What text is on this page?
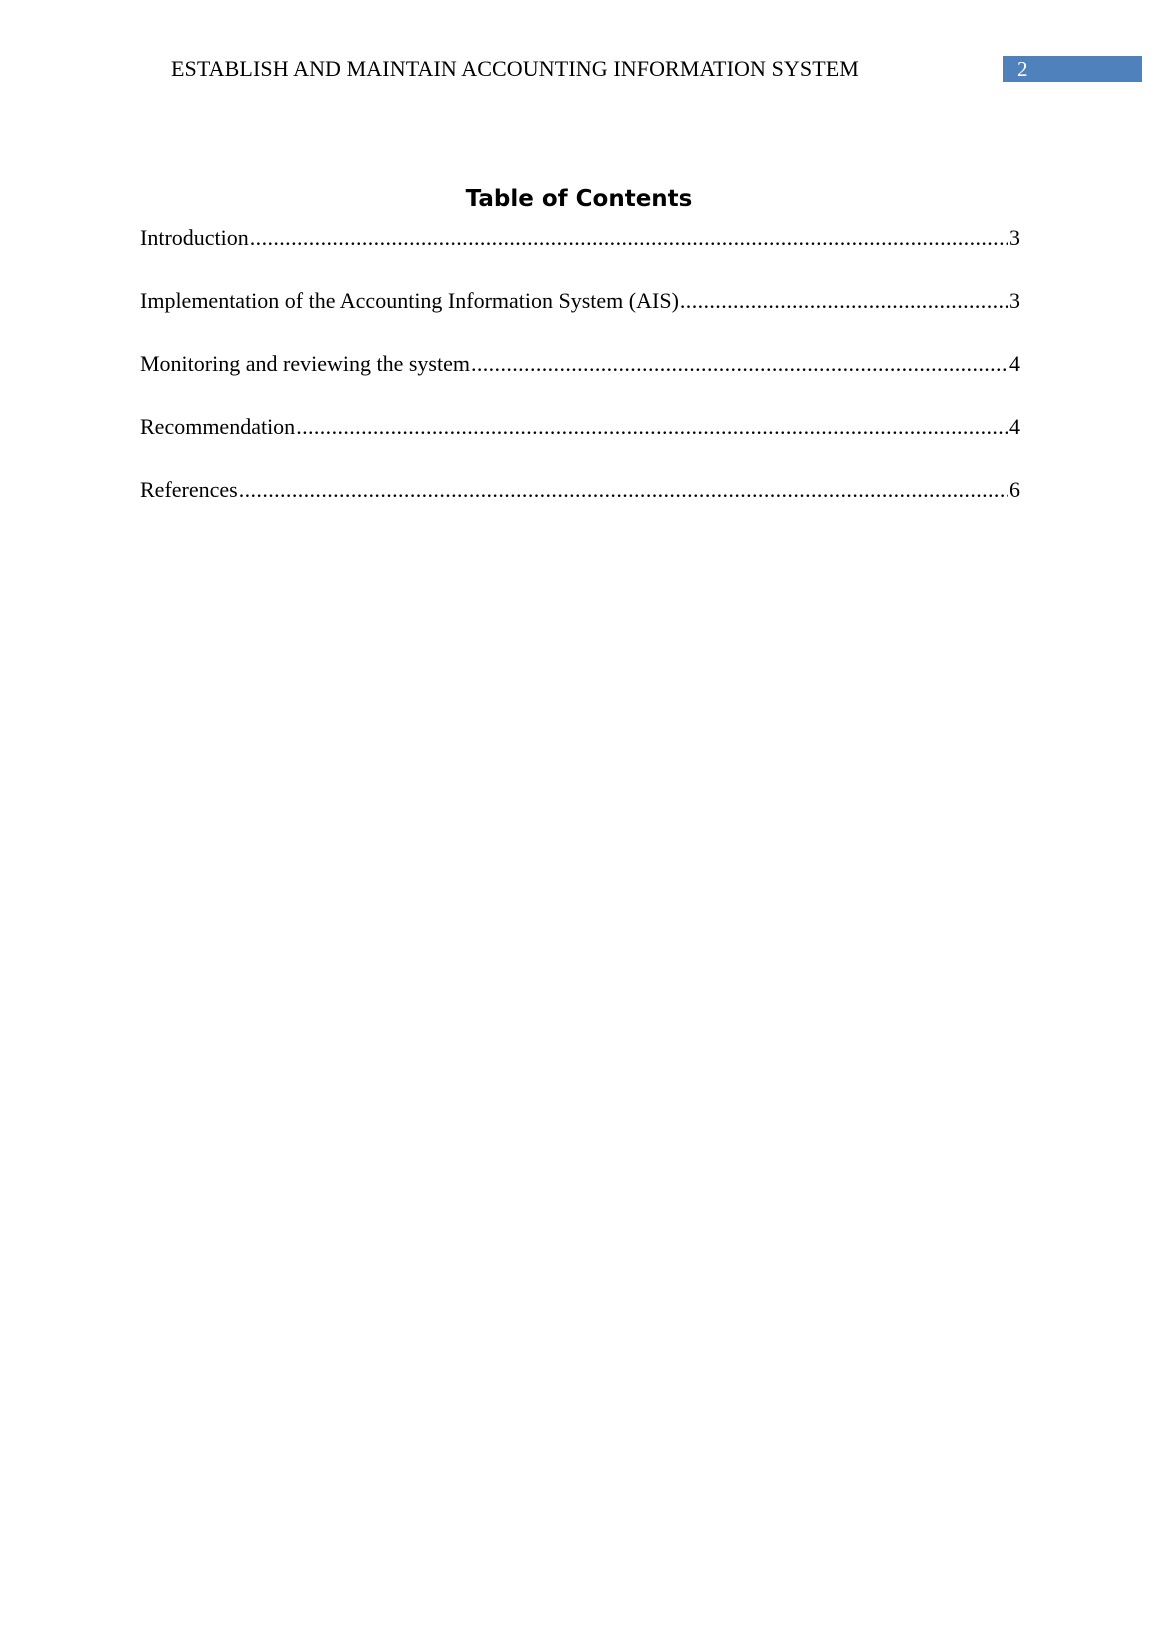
ESTABLISH AND MAINTAIN ACCOUNTING INFORMATION SYSTEM	2
Table of Contents
Introduction .....	3
Implementation of the Accounting Information System (AIS) .....	3
Monitoring and reviewing the system .....	4
Recommendation .....	4
References .....	6
